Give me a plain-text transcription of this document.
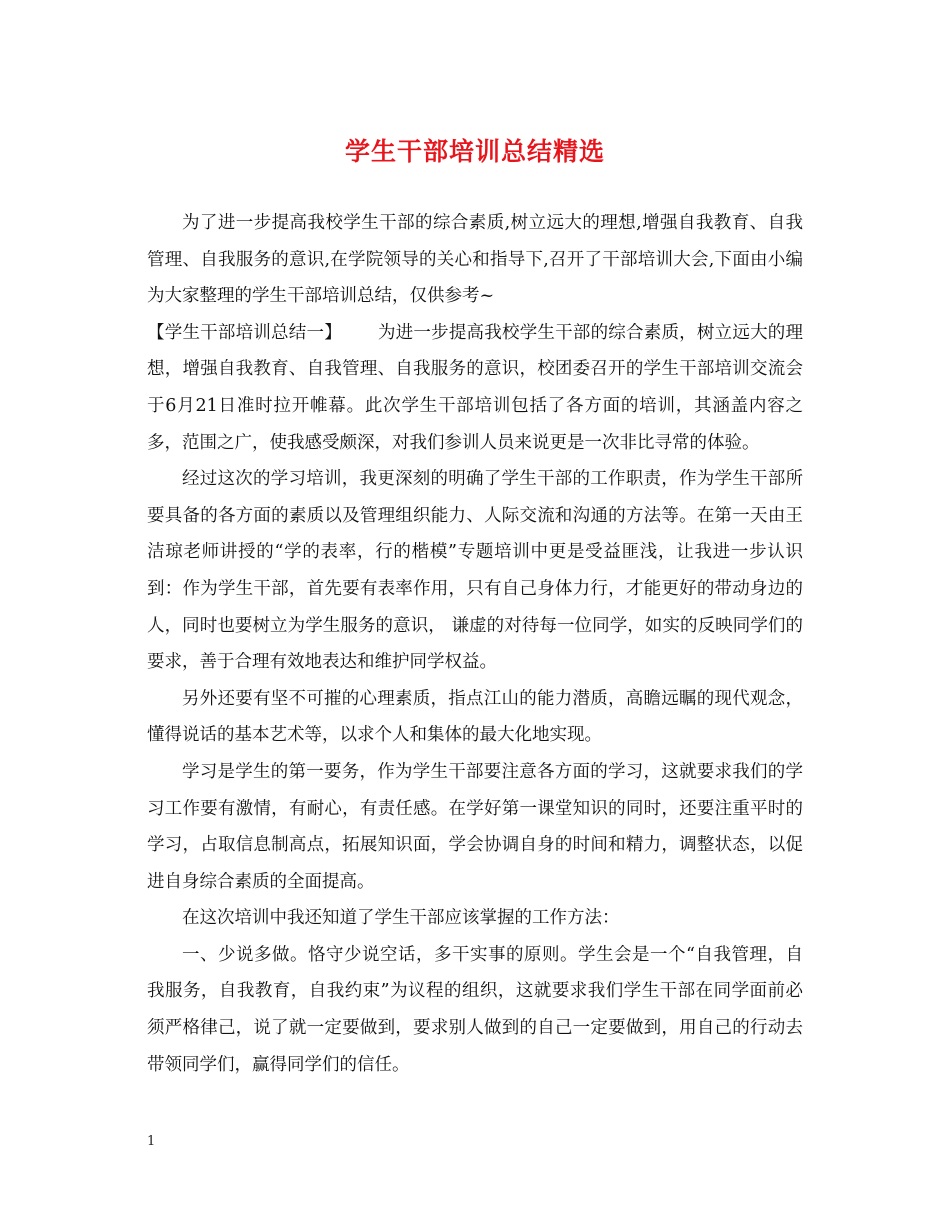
学生干部培训总结精选

为了进一步提高我校学生干部的综合素质,树立远大的理想,增强自我教育、自我管理、自我服务的意识,在学院领导的关心和指导下,召开了干部培训大会,下面由小编为大家整理的学生干部培训总结，仅供参考~

【学生干部培训总结一】 为进一步提高我校学生干部的综合素质，树立远大的理想，增强自我教育、自我管理、自我服务的意识，校团委召开的学生干部培训交流会于6月21日准时拉开帷幕。此次学生干部培训包括了各方面的培训，其涵盖内容之多，范围之广，使我感受颇深，对我们参训人员来说更是一次非比寻常的体验。

经过这次的学习培训，我更深刻的明确了学生干部的工作职责，作为学生干部所要具备的各方面的素质以及管理组织能力、人际交流和沟通的方法等。在第一天由王洁琼老师讲授的“学的表率，行的楷模”专题培训中更是受益匪浅，让我进一步认识到：作为学生干部，首先要有表率作用，只有自己身体力行，才能更好的带动身边的人，同时也要树立为学生服务的意识， 谦虚的对待每一位同学，如实的反映同学们的要求，善于合理有效地表达和维护同学权益。

另外还要有坚不可摧的心理素质，指点江山的能力潜质，高瞻远瞩的现代观念，懂得说话的基本艺术等，以求个人和集体的最大化地实现。

学习是学生的第一要务，作为学生干部要注意各方面的学习，这就要求我们的学习工作要有激情，有耐心，有责任感。在学好第一课堂知识的同时，还要注重平时的学习，占取信息制高点，拓展知识面，学会协调自身的时间和精力，调整状态，以促进自身综合素质的全面提高。

在这次培训中我还知道了学生干部应该掌握的工作方法：

一、少说多做。恪守少说空话，多干实事的原则。学生会是一个“自我管理，自我服务，自我教育，自我约束”为议程的组织，这就要求我们学生干部在同学面前必须严格律己，说了就一定要做到，要求别人做到的自己一定要做到，用自己的行动去带领同学们，赢得同学们的信任。

1
